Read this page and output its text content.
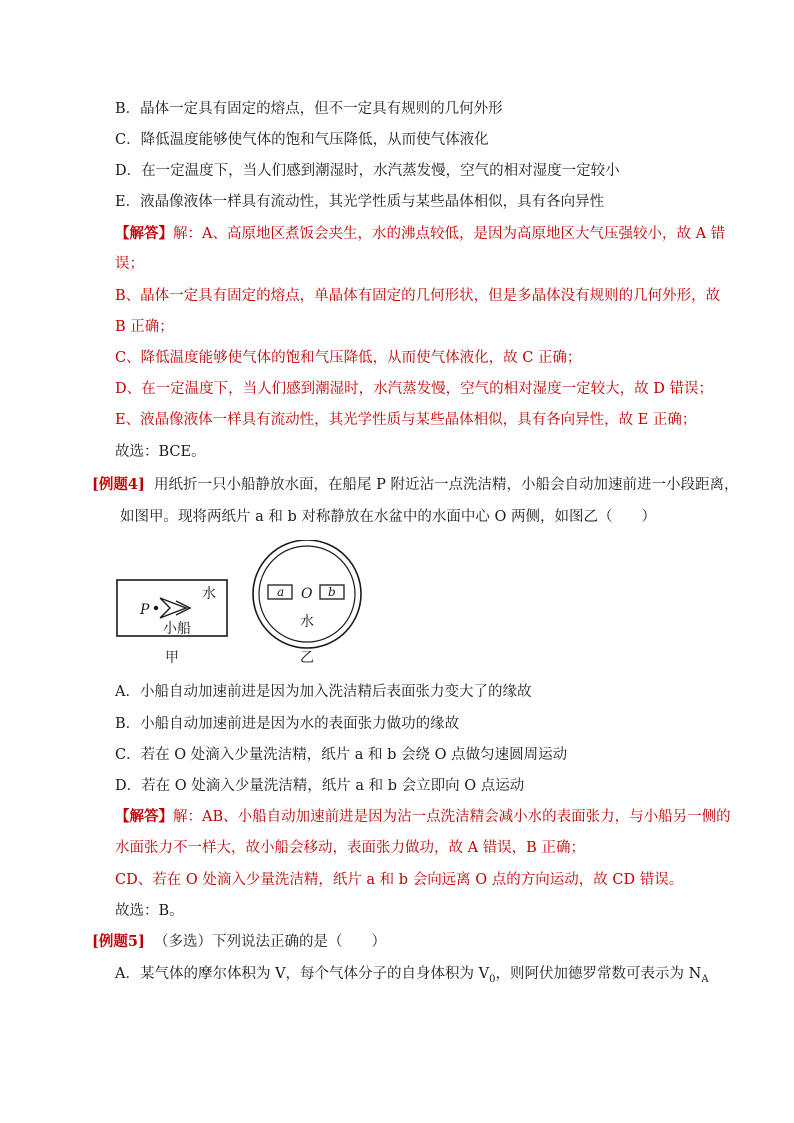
B．晶体一定具有固定的熔点，但不一定具有规则的几何外形
C．降低温度能够使气体的饱和气压降低，从而使气体液化
D．在一定温度下，当人们感到潮湿时，水汽蒸发慢，空气的相对湿度一定较小
E．液晶像液体一样具有流动性，其光学性质与某些晶体相似，具有各向异性
【解答】解：A、高原地区煮饭会夹生，水的沸点较低，是因为高原地区大气压强较小，故 A 错
误；
B、晶体一定具有固定的熔点，单晶体有固定的几何形状，但是多晶体没有规则的几何外形，故
B 正确；
C、降低温度能够使气体的饱和气压降低，从而使气体液化，故 C 正确；
D、在一定温度下，当人们感到潮湿时，水汽蒸发慢，空气的相对湿度一定较大，故 D 错误；
E、液晶像液体一样具有流动性，其光学性质与某些晶体相似，具有各向异性，故 E 正确；
故选：BCE。
[例题4] 用纸折一只小船静放水面，在船尾 P 附近沾一点洗洁精，小船会自动加速前进一小段距离，
如图甲。现将两纸片 a 和 b 对称静放在水盆中的水面中心 O 两侧，如图乙（　　）
水
P
小船
甲
a O b
水
乙
A．小船自动加速前进是因为加入洗洁精后表面张力变大了的缘故
B．小船自动加速前进是因为水的表面张力做功的缘故
C．若在 O 处滴入少量洗洁精，纸片 a 和 b 会绕 O 点做匀速圆周运动
D．若在 O 处滴入少量洗洁精，纸片 a 和 b 会立即向 O 点运动
【解答】解：AB、小船自动加速前进是因为沾一点洗洁精会减小水的表面张力，与小船另一侧的
水面张力不一样大，故小船会移动，表面张力做功，故 A 错误，B 正确；
CD、若在 O 处滴入少量洗洁精，纸片 a 和 b 会向远离 O 点的方向运动，故 CD 错误。
故选：B。
[例题5] （多选）下列说法正确的是（　　）
A．某气体的摩尔体积为 V，每个气体分子的自身体积为 $V_0$，则阿伏加德罗常数可表示为 $N_A$
